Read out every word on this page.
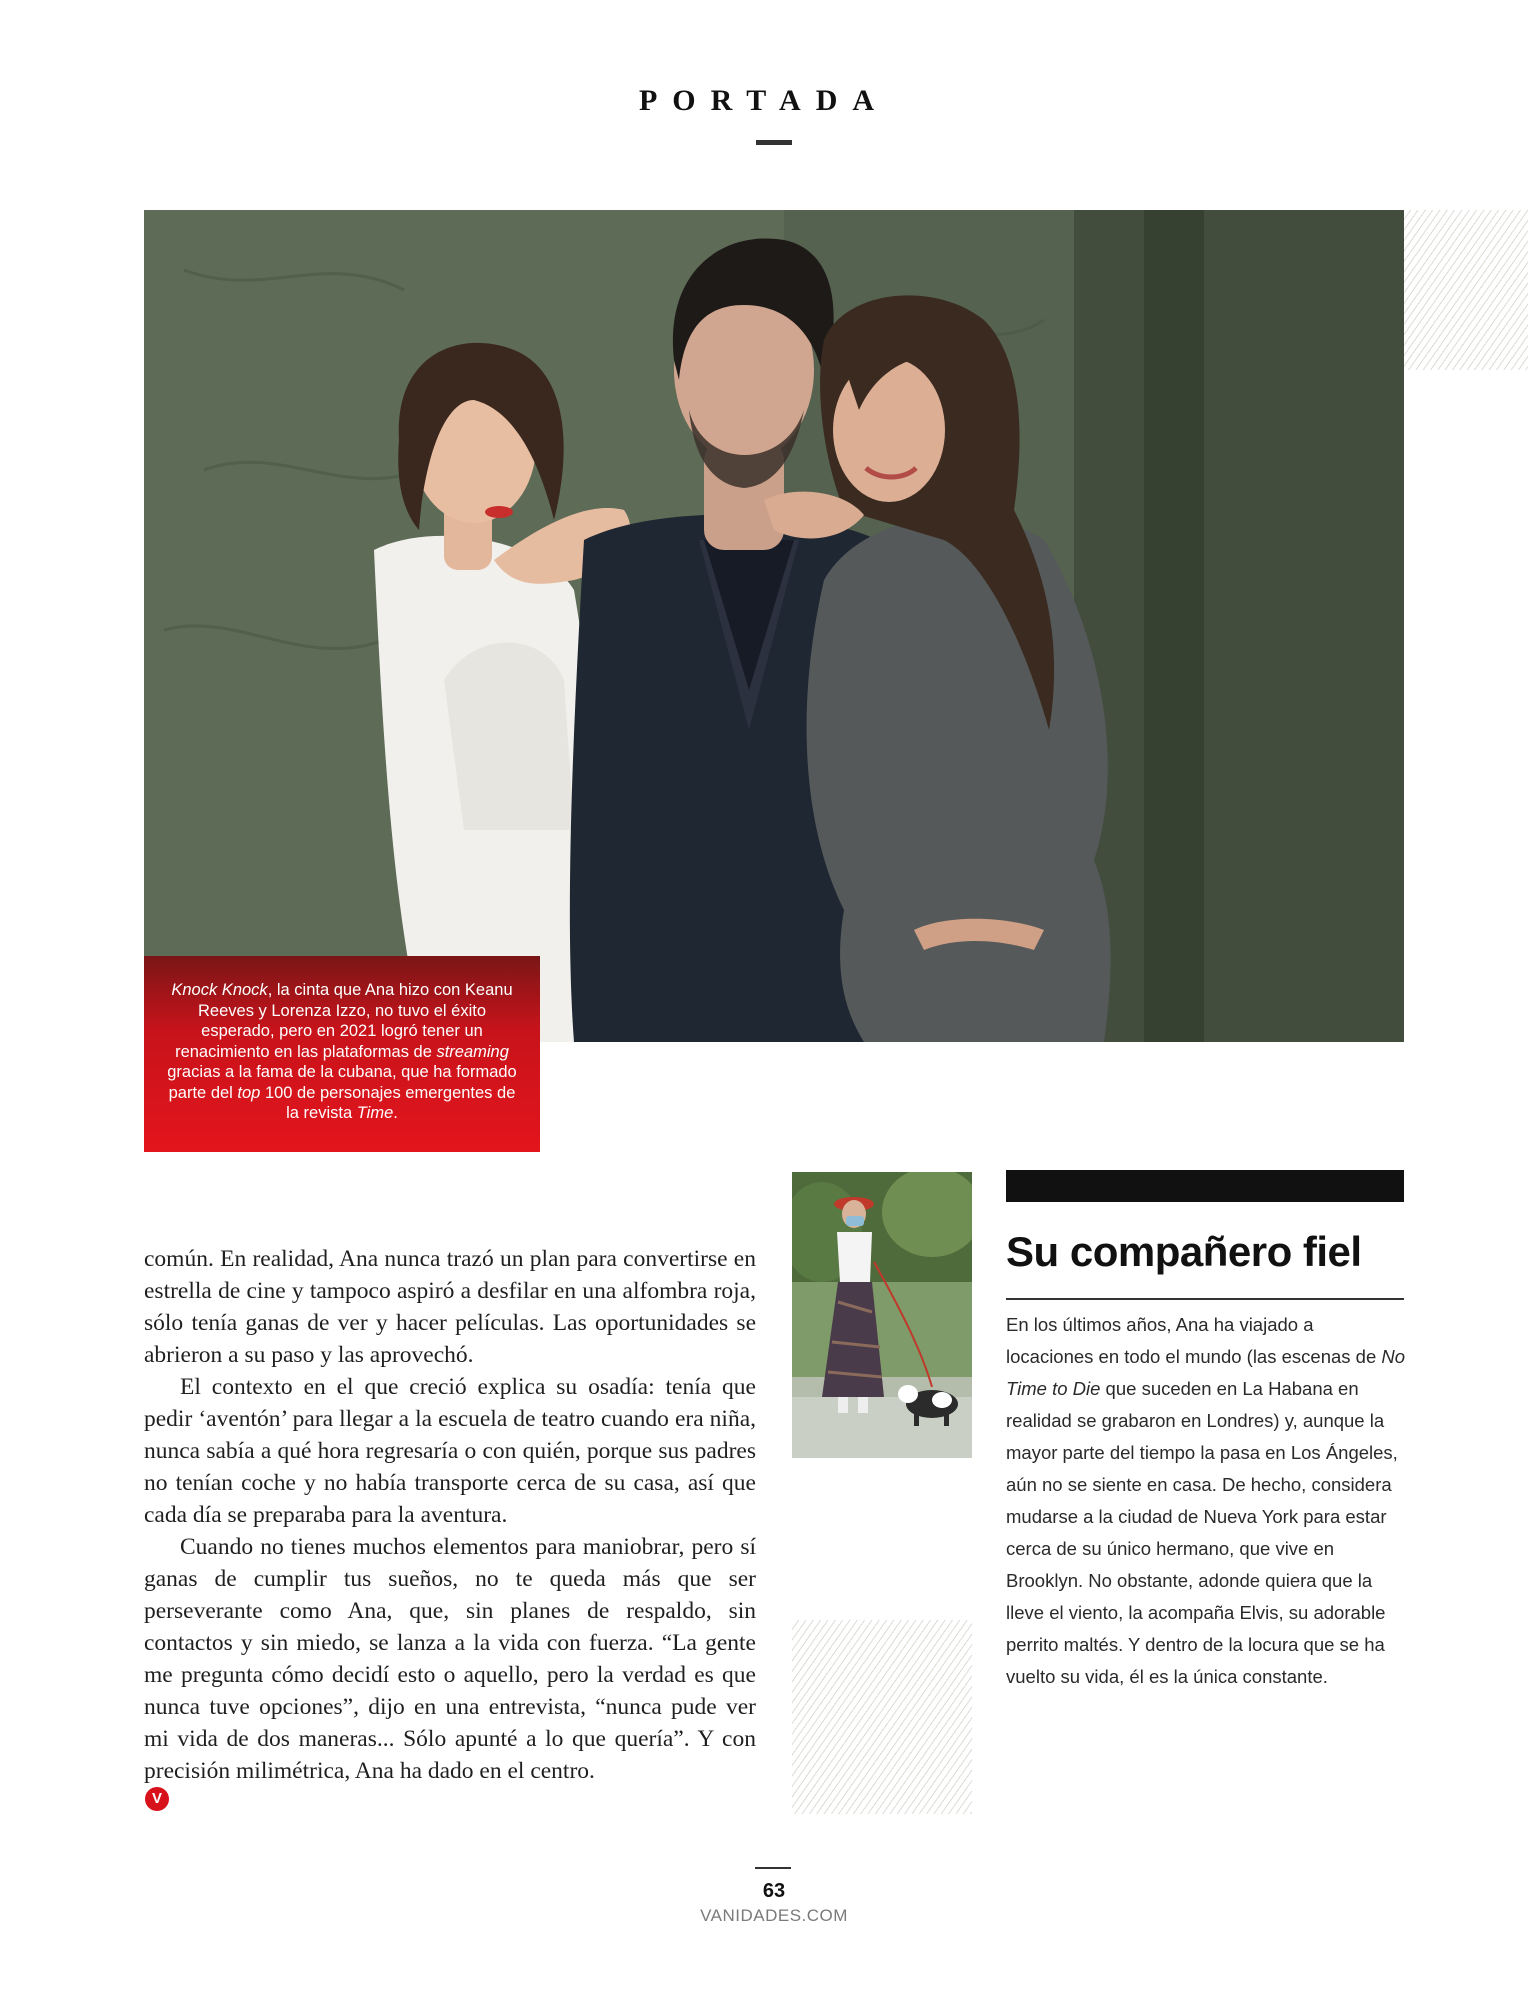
PORTADA
Knock Knock, la cinta que Ana hizo con Keanu Reeves y Lorenza Izzo, no tuvo el éxito esperado, pero en 2021 logró tener un renacimiento en las plataformas de streaming gracias a la fama de la cubana, que ha formado parte del top 100 de personajes emergentes de la revista Time.

común. En realidad, Ana nunca trazó un plan para convertirse en estrella de cine y tampoco aspiró a desfilar en una alfombra roja, sólo tenía ganas de ver y hacer películas. Las oportunidades se abrieron a su paso y las aprovechó.

El contexto en el que creció explica su osadía: tenía que pedir ‘aventón’ para llegar a la escuela de teatro cuando era niña, nunca sabía a qué hora regresaría o con quién, porque sus padres no tenían coche y no había transporte cerca de su casa, así que cada día se preparaba para la aventura.

Cuando no tienes muchos elementos para maniobrar, pero sí ganas de cumplir tus sueños, no te queda más que ser perseverante como Ana, que, sin planes de respaldo, sin contactos y sin miedo, se lanza a la vida con fuerza. “La gente me pregunta cómo decidí esto o aquello, pero la verdad es que nunca tuve opciones”, dijo en una entrevista, “nunca pude ver mi vida de dos maneras... Sólo apunté a lo que quería”. Y con precisión milimétrica, Ana ha dado en el centro.

V
Su compañero fiel
En los últimos años, Ana ha viajado a locaciones en todo el mundo (las escenas de No Time to Die que suceden en La Habana en realidad se grabaron en Londres) y, aunque la mayor parte del tiempo la pasa en Los Ángeles, aún no se siente en casa. De hecho, considera mudarse a la ciudad de Nueva York para estar cerca de su único hermano, que vive en Brooklyn. No obstante, adonde quiera que la lleve el viento, la acompaña Elvis, su adorable perrito maltés. Y dentro de la locura que se ha vuelto su vida, él es la única constante.
63
VANIDADES.COM
